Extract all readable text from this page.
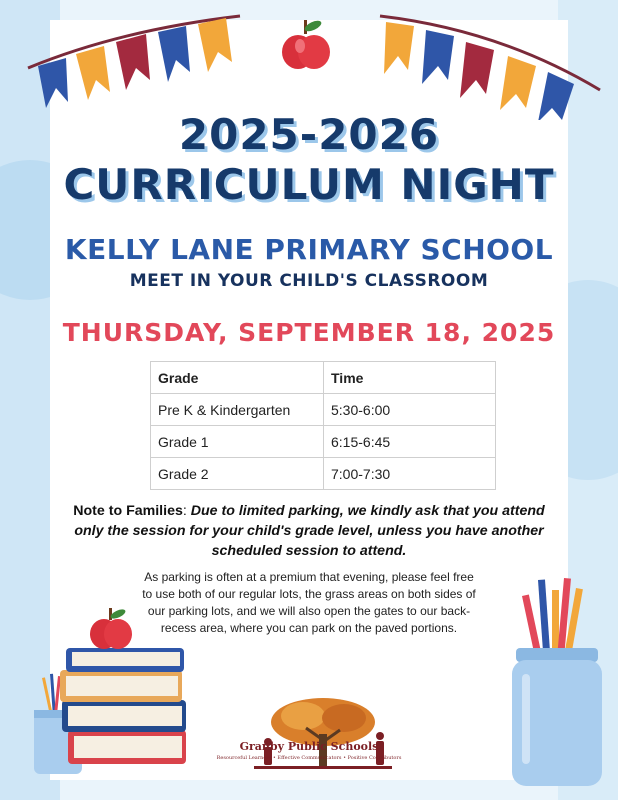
2025-2026
CURRICULUM NIGHT
KELLY LANE PRIMARY SCHOOL
MEET IN YOUR CHILD'S CLASSROOM
THURSDAY, SEPTEMBER 18, 2025
Grade	Time
Pre K & Kindergarten	5:30-6:00
Grade 1	6:15-6:45
Grade 2	7:00-7:30
Note to Families: Due to limited parking, we kindly ask that you attend only the session for your child's grade level, unless you have another scheduled session to attend.
As parking is often at a premium that evening, please feel free to use both of our regular lots, the grass areas on both sides of our parking lots, and we will also open the gates to our back-recess area, where you can park on the paved portions.
Granby Public Schools
Resourceful Learners • Effective Communicators • Positive Contributors
